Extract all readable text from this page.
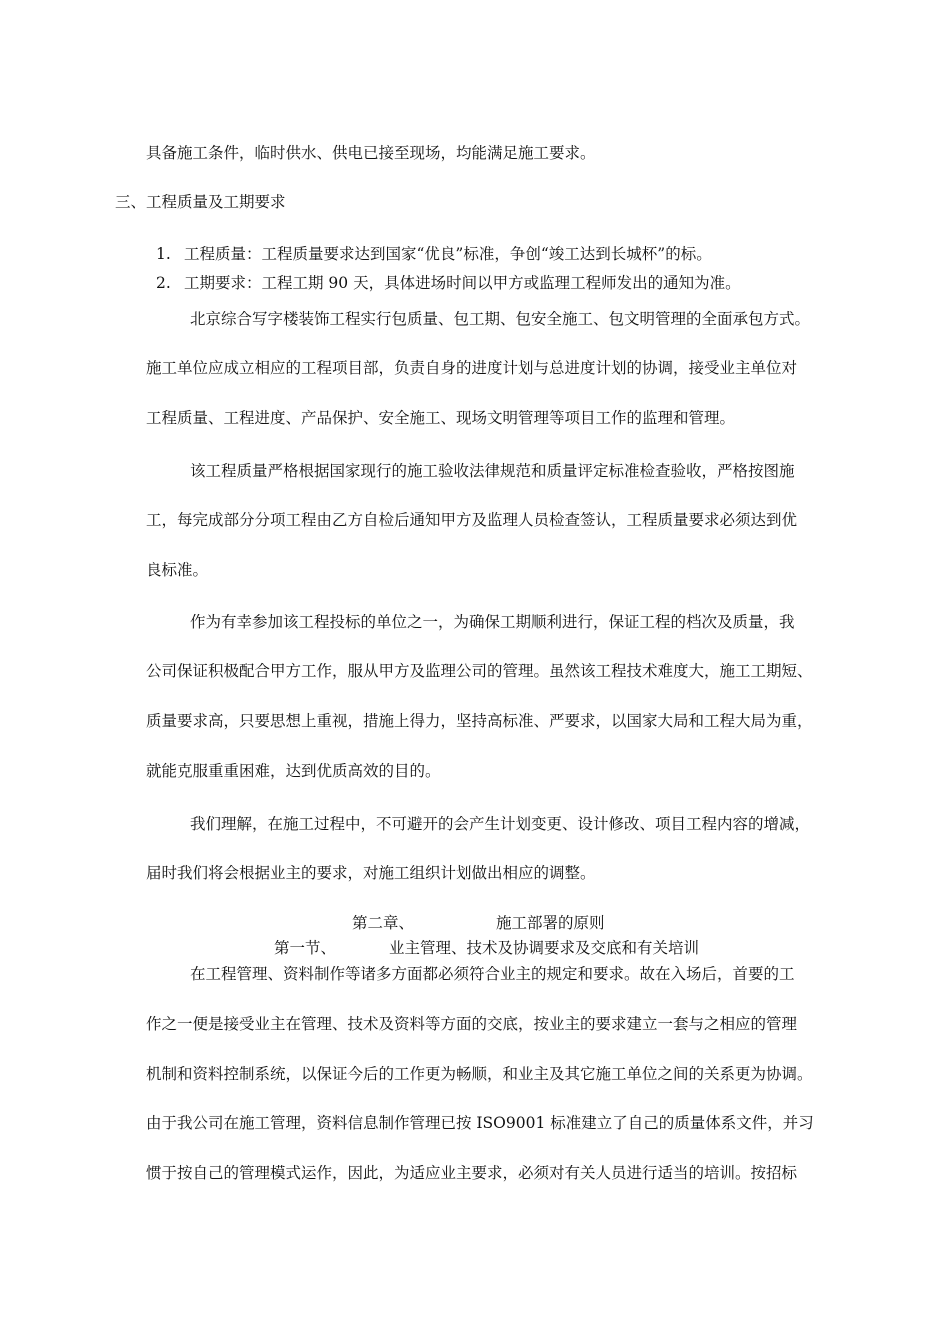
具备施工条件，临时供水、供电已接至现场，均能满足施工要求。

三、工程质量及工期要求

1. 工程质量：工程质量要求达到国家“优良”标准，争创“竣工达到长城杯”的标。
2. 工期要求：工程工期 90 天，具体进场时间以甲方或监理工程师发出的通知为准。

北京综合写字楼装饰工程实行包质量、包工期、包安全施工、包文明管理的全面承包方式。

施工单位应成立相应的工程项目部，负责自身的进度计划与总进度计划的协调，接受业主单位对

工程质量、工程进度、产品保护、安全施工、现场文明管理等项目工作的监理和管理。

该工程质量严格根据国家现行的施工验收法律规范和质量评定标准检查验收，严格按图施

工，每完成部分分项工程由乙方自检后通知甲方及监理人员检查签认，工程质量要求必须达到优

良标准。

作为有幸参加该工程投标的单位之一，为确保工期顺利进行，保证工程的档次及质量，我

公司保证积极配合甲方工作，服从甲方及监理公司的管理。虽然该工程技术难度大，施工工期短、

质量要求高，只要思想上重视，措施上得力，坚持高标准、严要求，以国家大局和工程大局为重，

就能克服重重困难，达到优质高效的目的。

我们理解，在施工过程中，不可避开的会产生计划变更、设计修改、项目工程内容的增减，

届时我们将会根据业主的要求，对施工组织计划做出相应的调整。

第二章、	施工部署的原则
第一节、	业主管理、技术及协调要求及交底和有关培训

在工程管理、资料制作等诸多方面都必须符合业主的规定和要求。故在入场后，首要的工

作之一便是接受业主在管理、技术及资料等方面的交底，按业主的要求建立一套与之相应的管理

机制和资料控制系统，以保证今后的工作更为畅顺，和业主及其它施工单位之间的关系更为协调。

由于我公司在施工管理，资料信息制作管理已按 ISO9001 标准建立了自己的质量体系文件，并习

惯于按自己的管理模式运作，因此，为适应业主要求，必须对有关人员进行适当的培训。按招标
